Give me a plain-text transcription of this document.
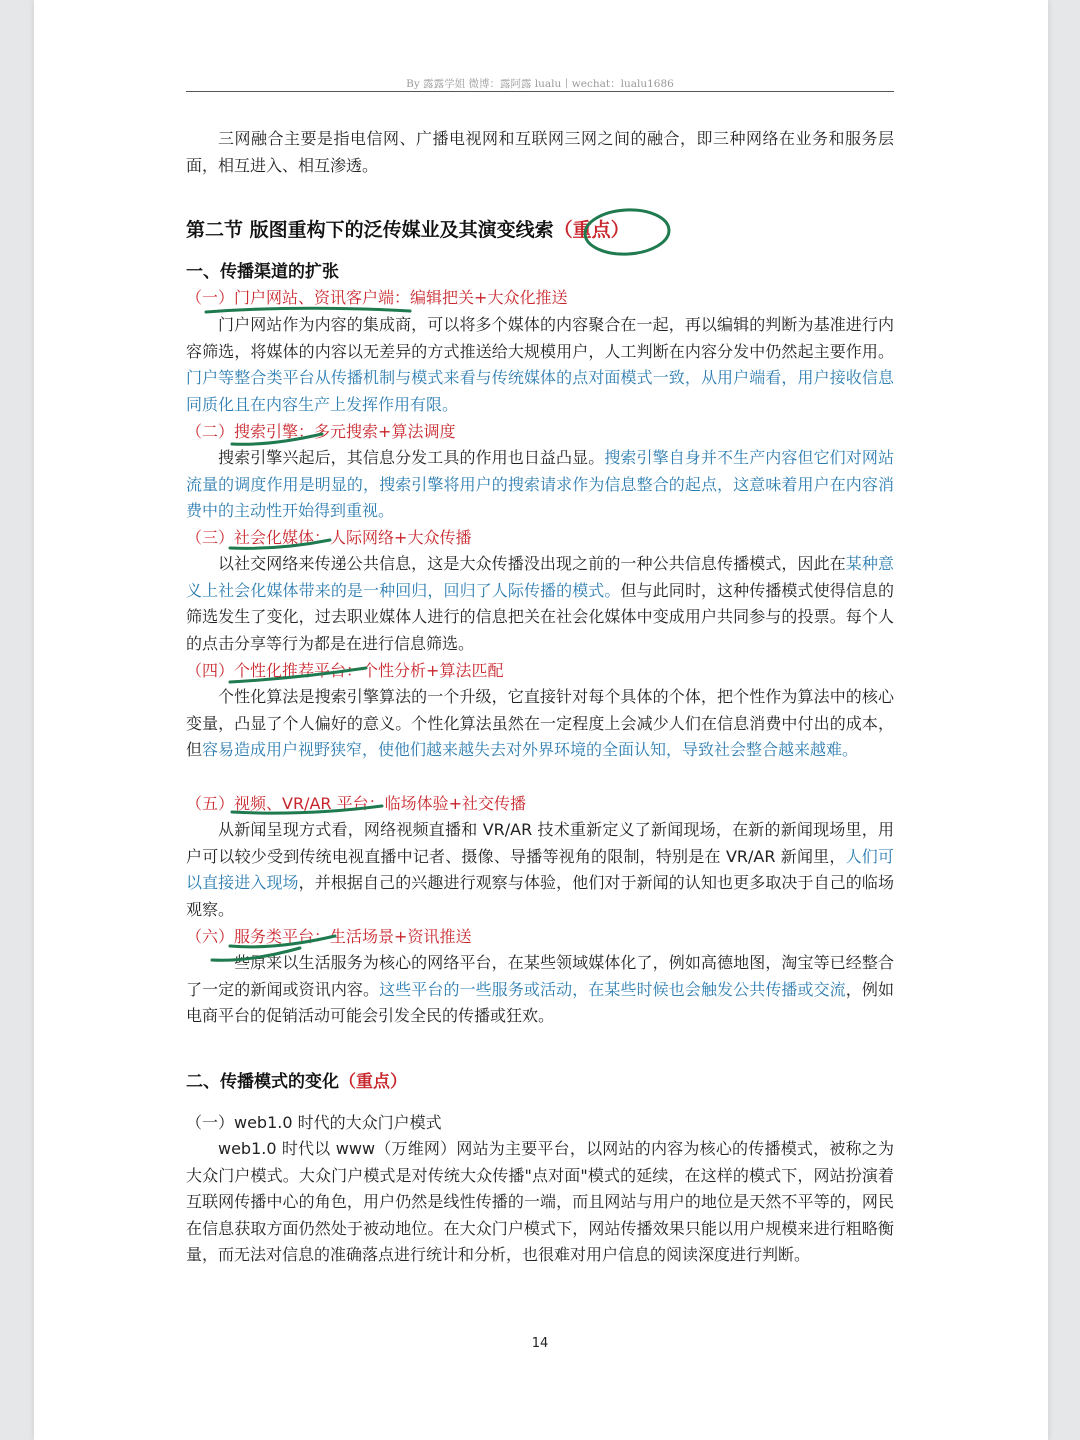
By 露露学姐 微博：露阿露 lualu丨wechat：lualu1686

三网融合主要是指电信网、广播电视网和互联网三网之间的融合，即三种网络在业务和服务层面，相互进入、相互渗透。

第二节 版图重构下的泛传媒业及其演变线索（重点）
一、传播渠道的扩张

（一）门户网站、资讯客户端：编辑把关+大众化推送

门户网站作为内容的集成商，可以将多个媒体的内容聚合在一起，再以编辑的判断为基准进行内容筛选，将媒体的内容以无差异的方式推送给大规模用户，人工判断在内容分发中仍然起主要作用。门户等整合类平台从传播机制与模式来看与传统媒体的点对面模式一致，从用户端看，用户接收信息同质化且在内容生产上发挥作用有限。

（二）搜索引擎：多元搜索+算法调度

搜索引擎兴起后，其信息分发工具的作用也日益凸显。搜索引擎自身并不生产内容但它们对网站流量的调度作用是明显的，搜索引擎将用户的搜索请求作为信息整合的起点，这意味着用户在内容消费中的主动性开始得到重视。

（三）社会化媒体：人际网络+大众传播

以社交网络来传递公共信息，这是大众传播没出现之前的一种公共信息传播模式，因此在某种意义上社会化媒体带来的是一种回归，回归了人际传播的模式。但与此同时，这种传播模式使得信息的筛选发生了变化，过去职业媒体人进行的信息把关在社会化媒体中变成用户共同参与的投票。每个人的点击分享等行为都是在进行信息筛选。

（四）个性化推荐平台：个性分析+算法匹配

个性化算法是搜索引擎算法的一个升级，它直接针对每个具体的个体，把个性作为算法中的核心变量，凸显了个人偏好的意义。个性化算法虽然在一定程度上会减少人们在信息消费中付出的成本，但容易造成用户视野狭窄，使他们越来越失去对外界环境的全面认知，导致社会整合越来越难。

（五）视频、VR/AR 平台：临场体验+社交传播

从新闻呈现方式看，网络视频直播和 VR/AR 技术重新定义了新闻现场，在新的新闻现场里，用户可以较少受到传统电视直播中记者、摄像、导播等视角的限制，特别是在 VR/AR 新闻里，人们可以直接进入现场，并根据自己的兴趣进行观察与体验，他们对于新闻的认知也更多取决于自己的临场观察。

（六）服务类平台：生活场景+资讯推送

一些原来以生活服务为核心的网络平台，在某些领域媒体化了，例如高德地图，淘宝等已经整合了一定的新闻或资讯内容。这些平台的一些服务或活动，在某些时候也会触发公共传播或交流，例如电商平台的促销活动可能会引发全民的传播或狂欢。

二、传播模式的变化（重点）

（一）web1.0 时代的大众门户模式

web1.0 时代以 www（万维网）网站为主要平台，以网站的内容为核心的传播模式，被称之为大众门户模式。大众门户模式是对传统大众传播"点对面"模式的延续，在这样的模式下，网站扮演着互联网传播中心的角色，用户仍然是线性传播的一端，而且网站与用户的地位是天然不平等的，网民在信息获取方面仍然处于被动地位。在大众门户模式下，网站传播效果只能以用户规模来进行粗略衡量，而无法对信息的准确落点进行统计和分析，也很难对用户信息的阅读深度进行判断。

14
